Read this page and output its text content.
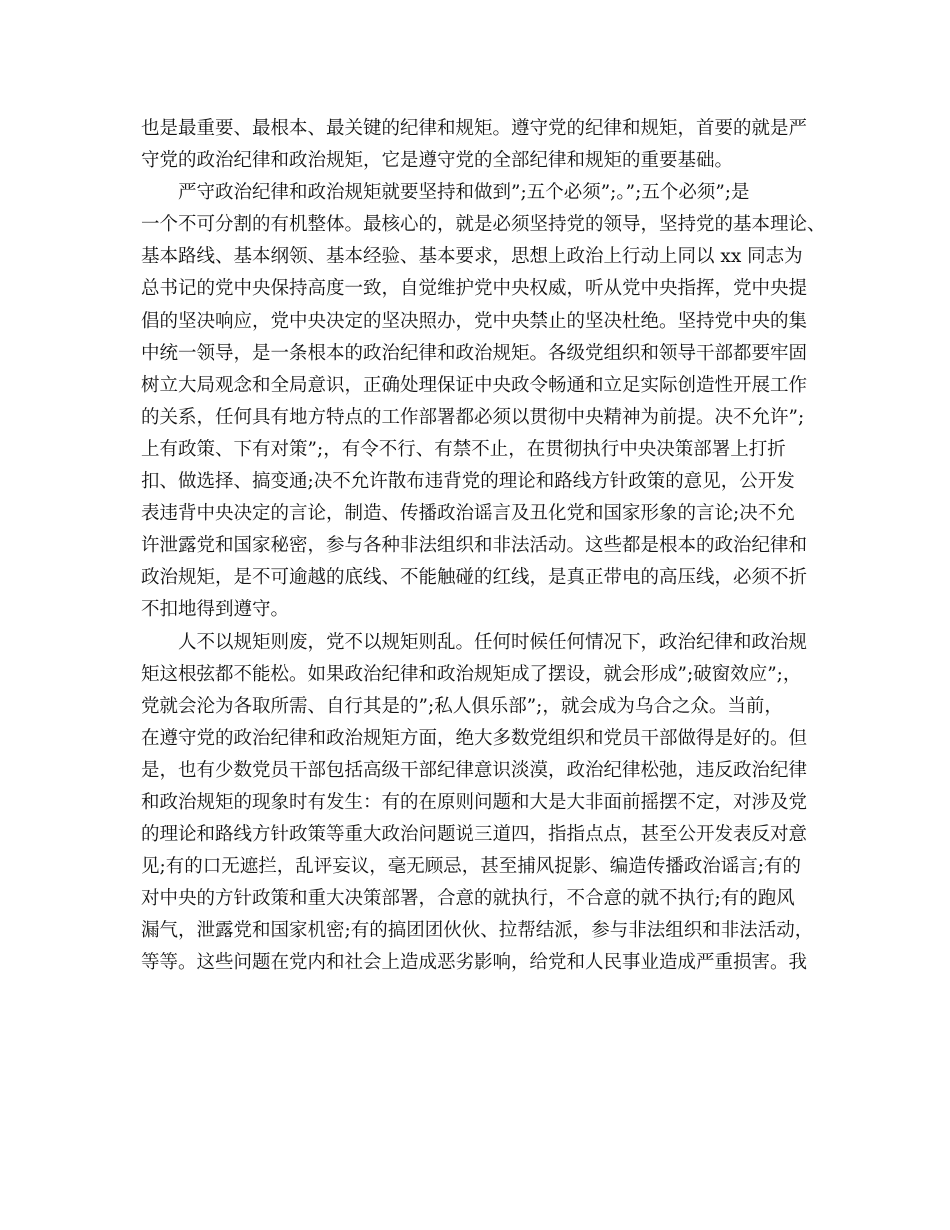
也是最重要、最根本、最关键的纪律和规矩。遵守党的纪律和规矩，首要的就是严
守党的政治纪律和政治规矩，它是遵守党的全部纪律和规矩的重要基础。
严守政治纪律和政治规矩就要坚持和做到”;五个必须”;。”;五个必须”;是
一个不可分割的有机整体。最核心的，就是必须坚持党的领导，坚持党的基本理论、
基本路线、基本纲领、基本经验、基本要求，思想上政治上行动上同以 xx 同志为
总书记的党中央保持高度一致，自觉维护党中央权威，听从党中央指挥，党中央提
倡的坚决响应，党中央决定的坚决照办，党中央禁止的坚决杜绝。坚持党中央的集
中统一领导，是一条根本的政治纪律和政治规矩。各级党组织和领导干部都要牢固
树立大局观念和全局意识，正确处理保证中央政令畅通和立足实际创造性开展工作
的关系，任何具有地方特点的工作部署都必须以贯彻中央精神为前提。决不允许”;
上有政策、下有对策”;，有令不行、有禁不止，在贯彻执行中央决策部署上打折
扣、做选择、搞变通;决不允许散布违背党的理论和路线方针政策的意见，公开发
表违背中央决定的言论，制造、传播政治谣言及丑化党和国家形象的言论;决不允
许泄露党和国家秘密，参与各种非法组织和非法活动。这些都是根本的政治纪律和
政治规矩，是不可逾越的底线、不能触碰的红线，是真正带电的高压线，必须不折
不扣地得到遵守。
人不以规矩则废，党不以规矩则乱。任何时候任何情况下，政治纪律和政治规
矩这根弦都不能松。如果政治纪律和政治规矩成了摆设，就会形成”;破窗效应”;，
党就会沦为各取所需、自行其是的”;私人俱乐部”;，就会成为乌合之众。当前，
在遵守党的政治纪律和政治规矩方面，绝大多数党组织和党员干部做得是好的。但
是，也有少数党员干部包括高级干部纪律意识淡漠，政治纪律松弛，违反政治纪律
和政治规矩的现象时有发生：有的在原则问题和大是大非面前摇摆不定，对涉及党
的理论和路线方针政策等重大政治问题说三道四，指指点点，甚至公开发表反对意
见;有的口无遮拦，乱评妄议，毫无顾忌，甚至捕风捉影、编造传播政治谣言;有的
对中央的方针政策和重大决策部署，合意的就执行，不合意的就不执行;有的跑风
漏气，泄露党和国家机密;有的搞团团伙伙、拉帮结派，参与非法组织和非法活动，
等等。这些问题在党内和社会上造成恶劣影响，给党和人民事业造成严重损害。我
